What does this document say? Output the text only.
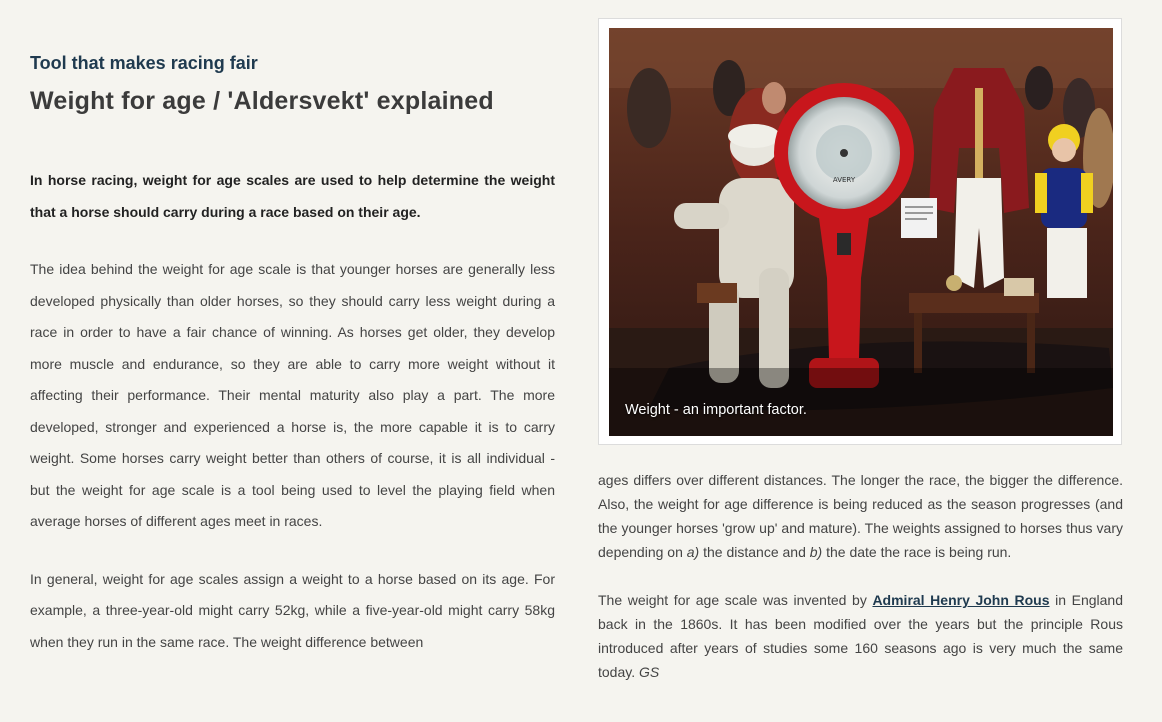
Tool that makes racing fair
Weight for age / 'Aldersvekt' explained

In horse racing, weight for age scales are used to help determine the weight that a horse should carry during a race based on their age.

The idea behind the weight for age scale is that younger horses are generally less developed physically than older horses, so they should carry less weight during a race in order to have a fair chance of winning. As horses get older, they develop more muscle and endurance, so they are able to carry more weight without it affecting their performance. Their mental maturity also play a part. The more developed, stronger and experienced a horse is, the more capable it is to carry weight. Some horses carry weight better than others of course, it is all individual - but the weight for age scale is a tool being used to level the playing field when average horses of different ages meet in races.

In general, weight for age scales assign a weight to a horse based on its age. For example, a three-year-old might carry 52kg, while a five-year-old might carry 58kg when they run in the same race. The weight difference between

AVERY
Weight - an important factor.

ages differs over different distances. The longer the race, the bigger the difference. Also, the weight for age difference is being reduced as the season progresses (and the younger horses 'grow up' and mature). The weights assigned to horses thus vary depending on a) the distance and b) the date the race is being run.

The weight for age scale was invented by Admiral Henry John Rous in England back in the 1860s. It has been modified over the years but the principle Rous introduced after years of studies some 160 seasons ago is very much the same today. GS
